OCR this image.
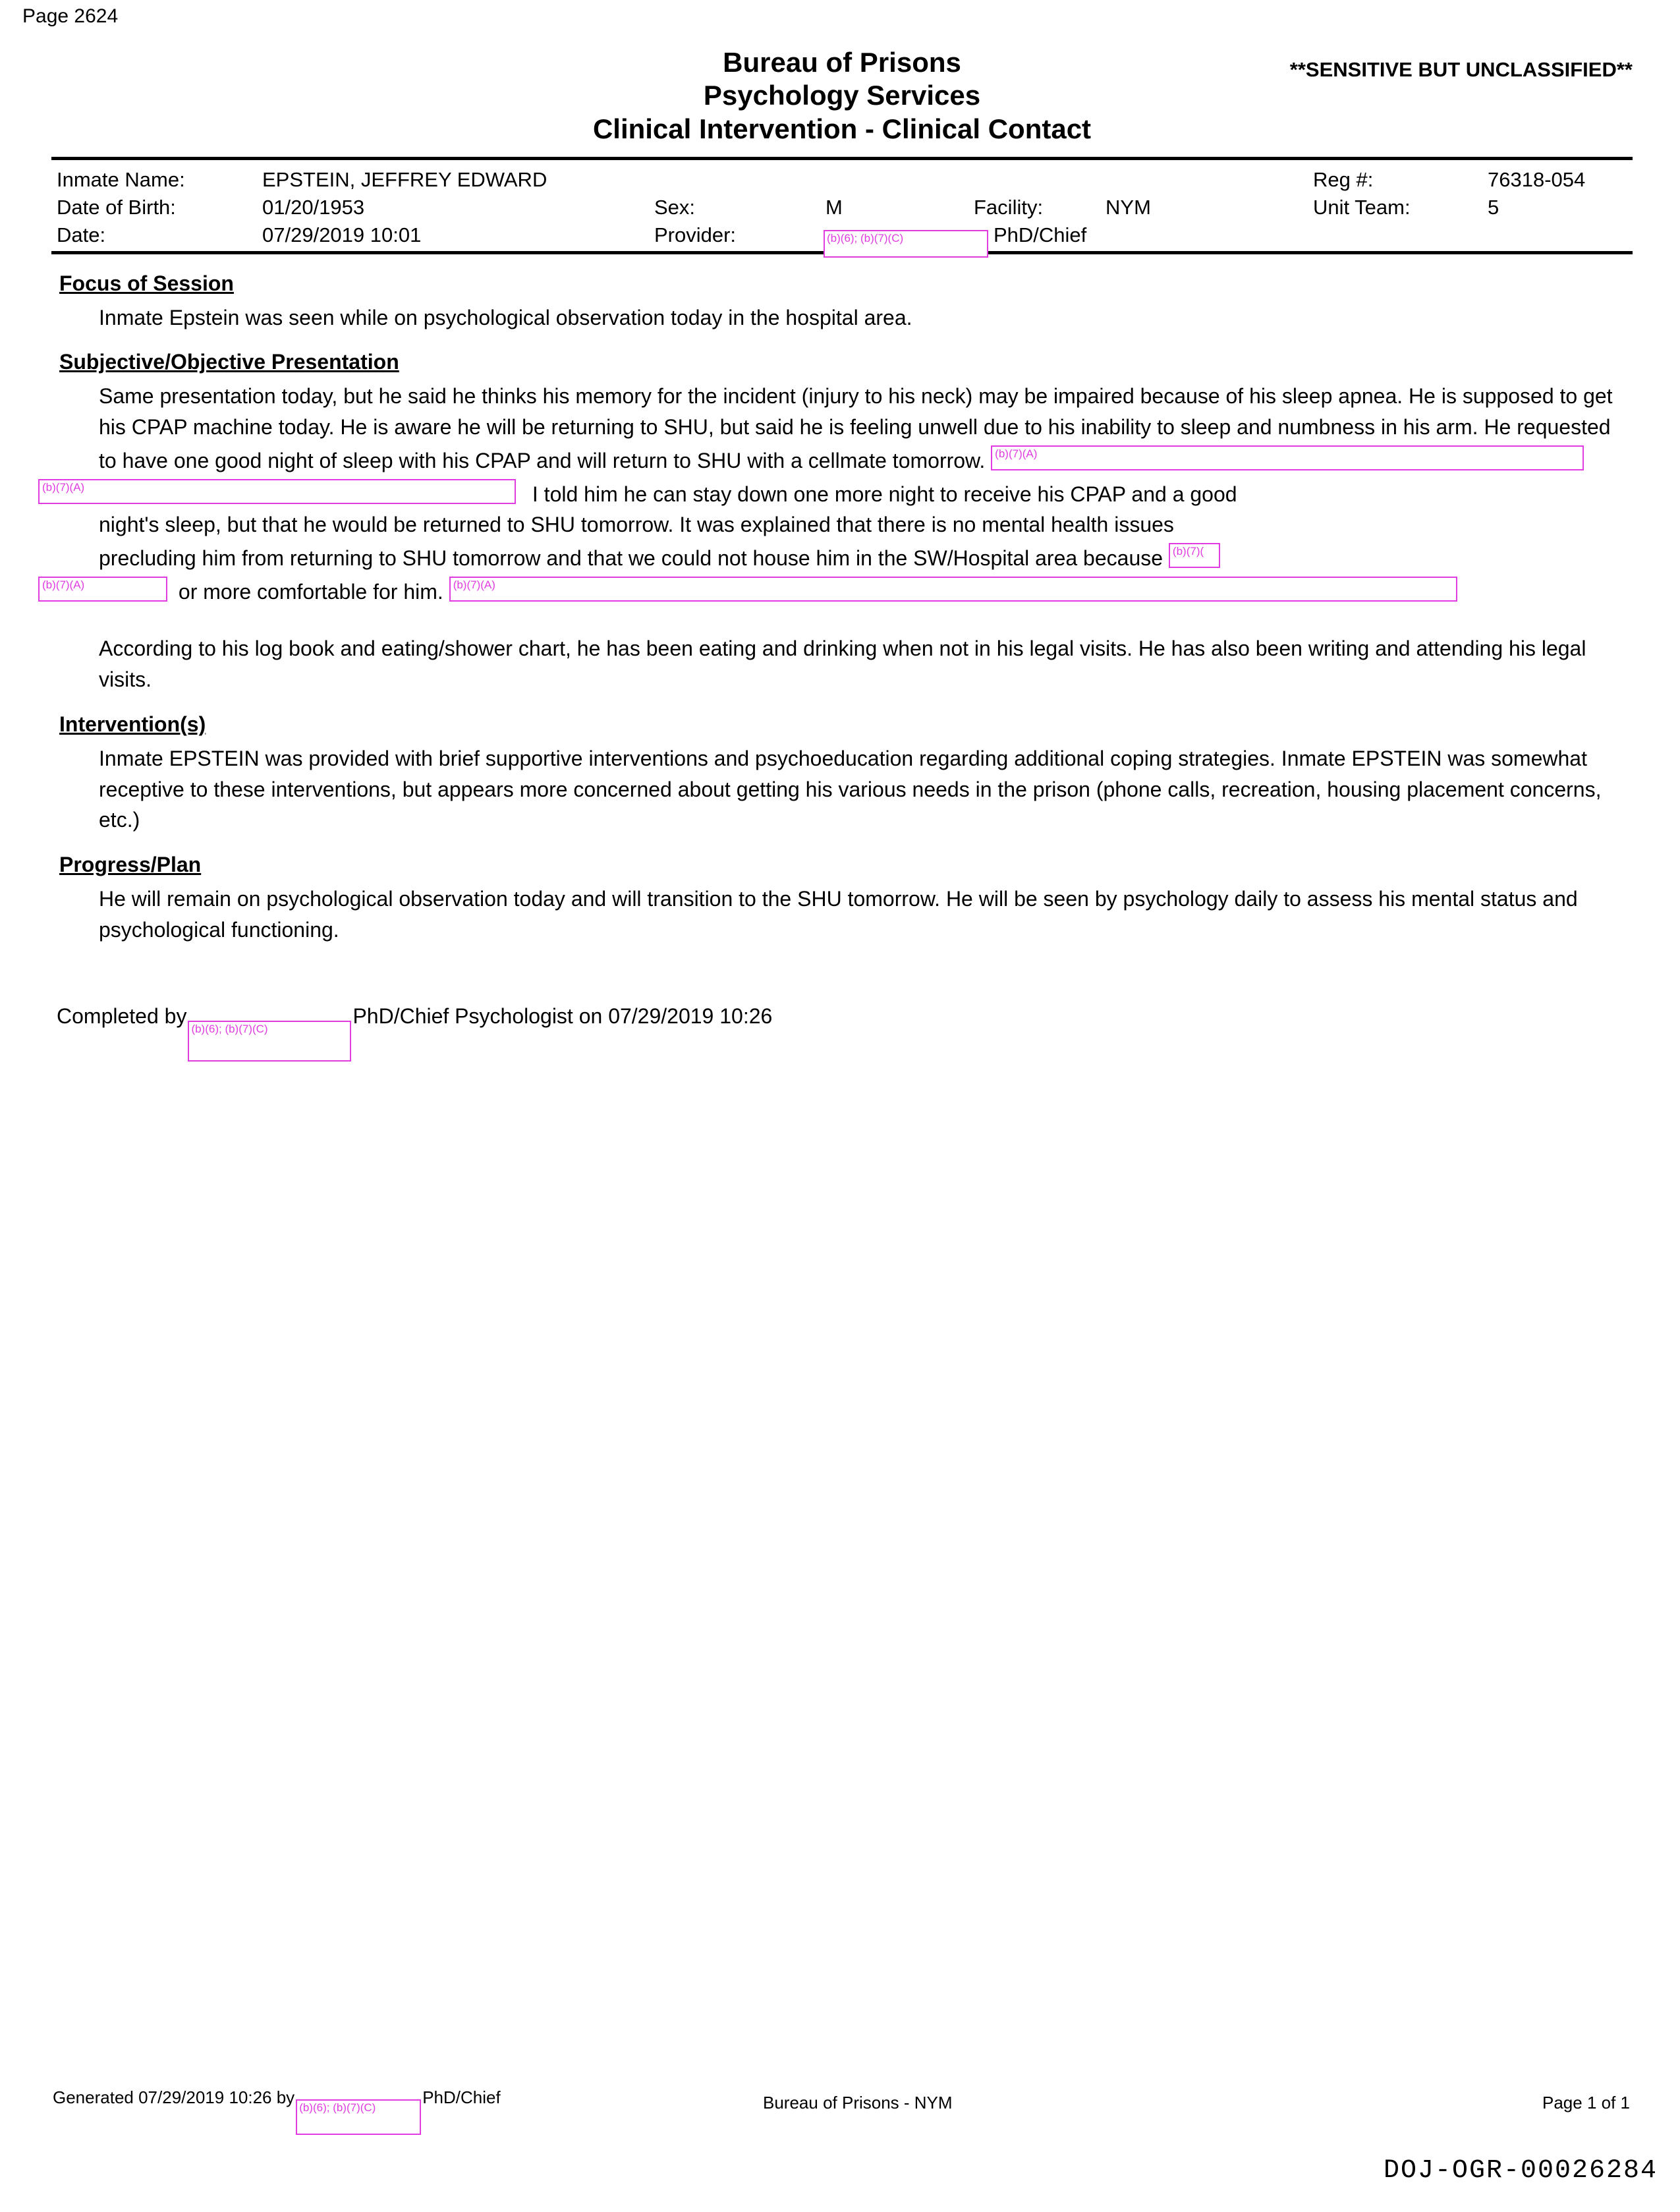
Page 2624
Bureau of Prisons
Psychology Services
Clinical Intervention - Clinical Contact
**SENSITIVE BUT UNCLASSIFIED**
Inmate Name:	EPSTEIN, JEFFREY EDWARD	Reg #:	76318-054
Date of Birth:	01/20/1953	Sex:	M	Facility:	NYM	Unit Team:	5
Date:	07/29/2019 10:01	Provider:	(b)(6); (b)(7)(C)	PhD/Chief
Focus of Session
Inmate Epstein was seen while on psychological observation today in the hospital area.
Subjective/Objective Presentation
Same presentation today, but he said he thinks his memory for the incident (injury to his neck) may be impaired because of his sleep apnea. He is supposed to get his CPAP machine today. He is aware he will be returning to SHU, but said he is feeling unwell due to his inability to sleep and numbness in his arm. He requested to have one good night of sleep with his CPAP and will return to SHU with a cellmate tomorrow. (b)(7)(A)
(b)(7)(A)	I told him he can stay down one more night to receive his CPAP and a good
night's sleep, but that he would be returned to SHU tomorrow. It was explained that there is no mental health issues
precluding him from returning to SHU tomorrow and that we could not house him in the SW/Hospital area because (b)(7)(
(b)(7)(A)	or more comfortable for him. (b)(7)(A)
According to his log book and eating/shower chart, he has been eating and drinking when not in his legal visits. He has also been writing and attending his legal visits.
Intervention(s)
Inmate EPSTEIN was provided with brief supportive interventions and psychoeducation regarding additional coping strategies. Inmate EPSTEIN was somewhat receptive to these interventions, but appears more concerned about getting his various needs in the prison (phone calls, recreation, housing placement concerns, etc.)
Progress/Plan
He will remain on psychological observation today and will transition to the SHU tomorrow. He will be seen by psychology daily to assess his mental status and psychological functioning.
Completed by(b)(6); (b)(7)(C)PhD/Chief Psychologist on 07/29/2019 10:26
Generated 07/29/2019 10:26 by(b)(6); (b)(7)(C)PhD/Chief	Bureau of Prisons - NYM	Page 1 of 1
DOJ-OGR-00026284
